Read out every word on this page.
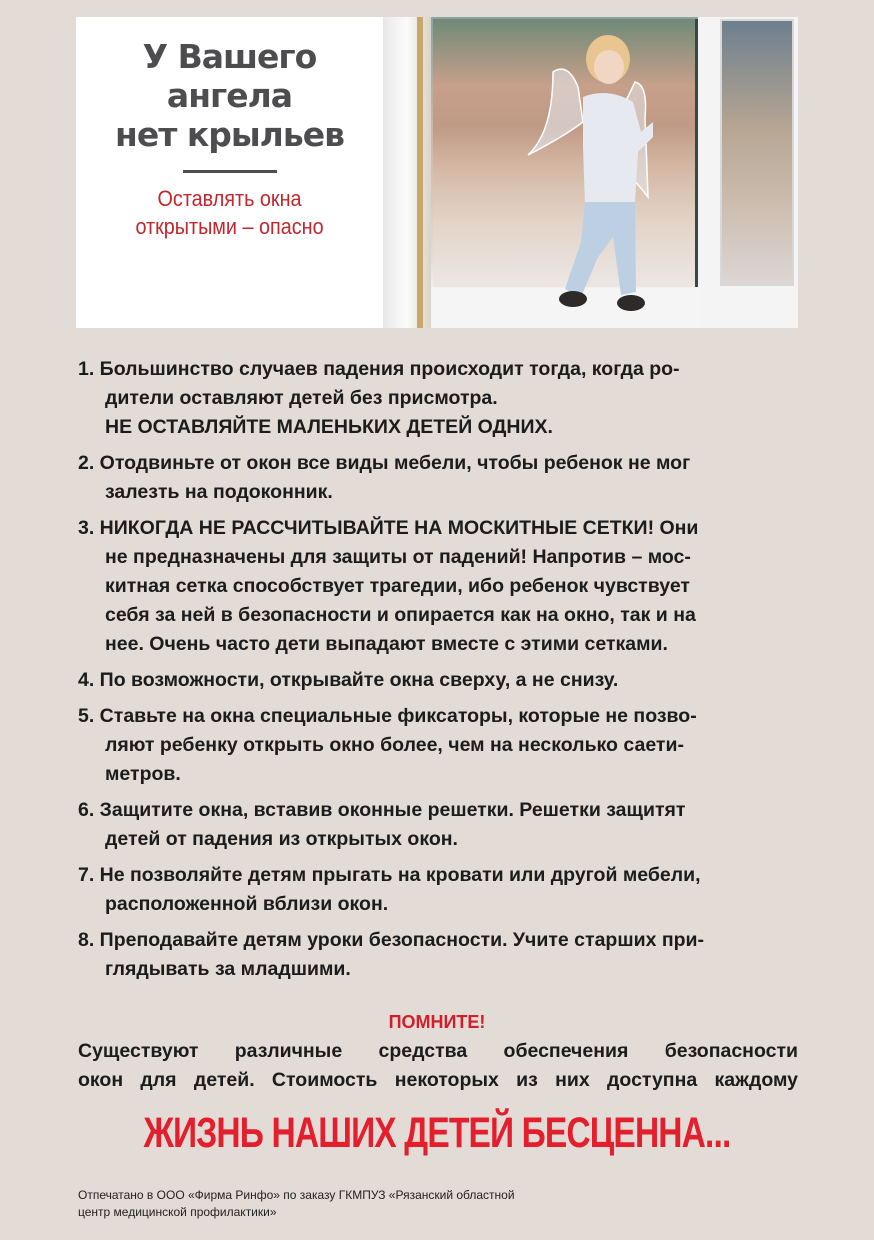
У Вашего
ангела
нет крыльев
Оставлять окна
открытыми – опасно
1. Большинство случаев падения происходит тогда, когда ро-
дители оставляют детей без присмотра.
НЕ ОСТАВЛЯЙТЕ МАЛЕНЬКИХ ДЕТЕЙ ОДНИХ.
2. Отодвиньте от окон все виды мебели, чтобы ребенок не мог
залезть на подоконник.
3. НИКОГДА НЕ РАССЧИТЫВАЙТЕ НА МОСКИТНЫЕ СЕТКИ! Они
не предназначены для защиты от падений! Напротив – мос-
китная сетка способствует трагедии, ибо ребенок чувствует
себя за ней в безопасности и опирается как на окно, так и на
нее. Очень часто дети выпадают вместе с этими сетками.
4. По возможности, открывайте окна сверху, а не снизу.
5. Ставьте на окна специальные фиксаторы, которые не позво-
ляют ребенку открыть окно более, чем на несколько саети-
метров.
6. Защитите окна, вставив оконные решетки. Решетки защитят
детей от падения из открытых окон.
7. Не позволяйте детям прыгать на кровати или другой мебели,
расположенной вблизи окон.
8. Преподавайте детям уроки безопасности. Учите старших при-
глядывать за младшими.
ПОМНИТЕ!
Существуют различные средства обеспечения безопасности
окон для детей. Стоимость некоторых из них доступна каждому
ЖИЗНЬ НАШИХ ДЕТЕЙ БЕСЦЕННА...
Отпечатано в ООО «Фирма Ринфо» по заказу ГКМПУЗ «Рязанский областной
центр медицинской профилактики»
